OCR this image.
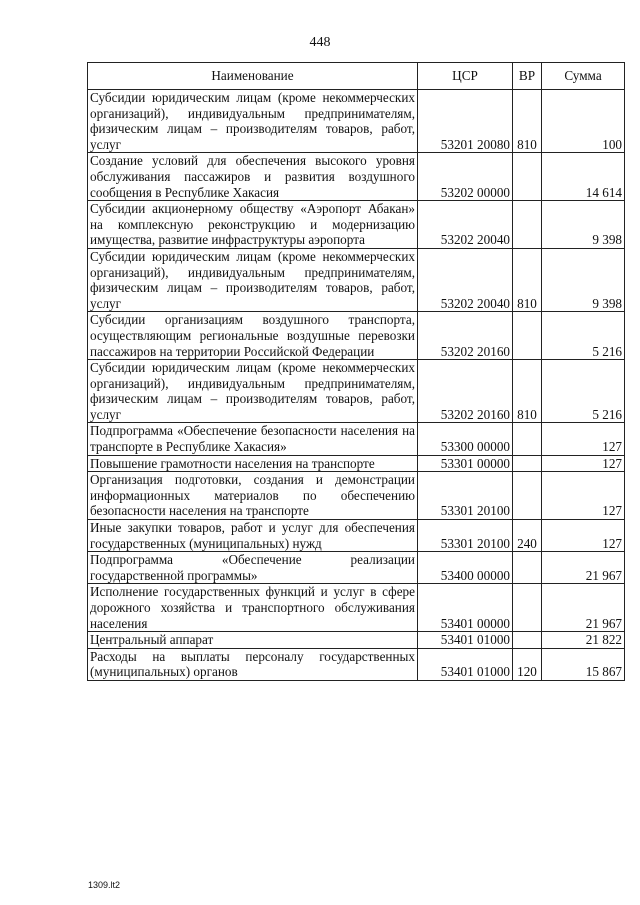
448
Наименование	ЦСР	ВР	Сумма
Субсидии юридическим лицам (кроме некоммерческих организаций), индивидуальным предпринимателям, физическим лицам – производителям товаров, работ, услуг	53201 20080	810	100
Создание условий для обеспечения высокого уровня обслуживания пассажиров и развития воздушного сообщения в Республике Хакасия	53202 00000		14 614
Субсидии акционерному обществу «Аэропорт Абакан» на комплексную реконструкцию и модернизацию имущества, развитие инфраструктуры аэропорта	53202 20040		9 398
Субсидии юридическим лицам (кроме некоммерческих организаций), индивидуальным предпринимателям, физическим лицам – производителям товаров, работ, услуг	53202 20040	810	9 398
Субсидии организациям воздушного транспорта, осуществляющим региональные воздушные перевозки пассажиров на территории Российской Федерации	53202 20160		5 216
Субсидии юридическим лицам (кроме некоммерческих организаций), индивидуальным предпринимателям, физическим лицам – производителям товаров, работ, услуг	53202 20160	810	5 216
Подпрограмма «Обеспечение безопасности населения на транспорте в Республике Хакасия»	53300 00000		127
Повышение грамотности населения на транспорте	53301 00000		127
Организация подготовки, создания и демонстрации информационных материалов по обеспечению безопасности населения на транспорте	53301 20100		127
Иные закупки товаров, работ и услуг для обеспечения государственных (муниципальных) нужд	53301 20100	240	127
Подпрограмма «Обеспечение реализации государственной программы»	53400 00000		21 967
Исполнение государственных функций и услуг в сфере дорожного хозяйства и транспортного обслуживания населения	53401 00000		21 967
Центральный аппарат	53401 01000		21 822
Расходы на выплаты персоналу государственных (муниципальных) органов	53401 01000	120	15 867
1309.lt2
